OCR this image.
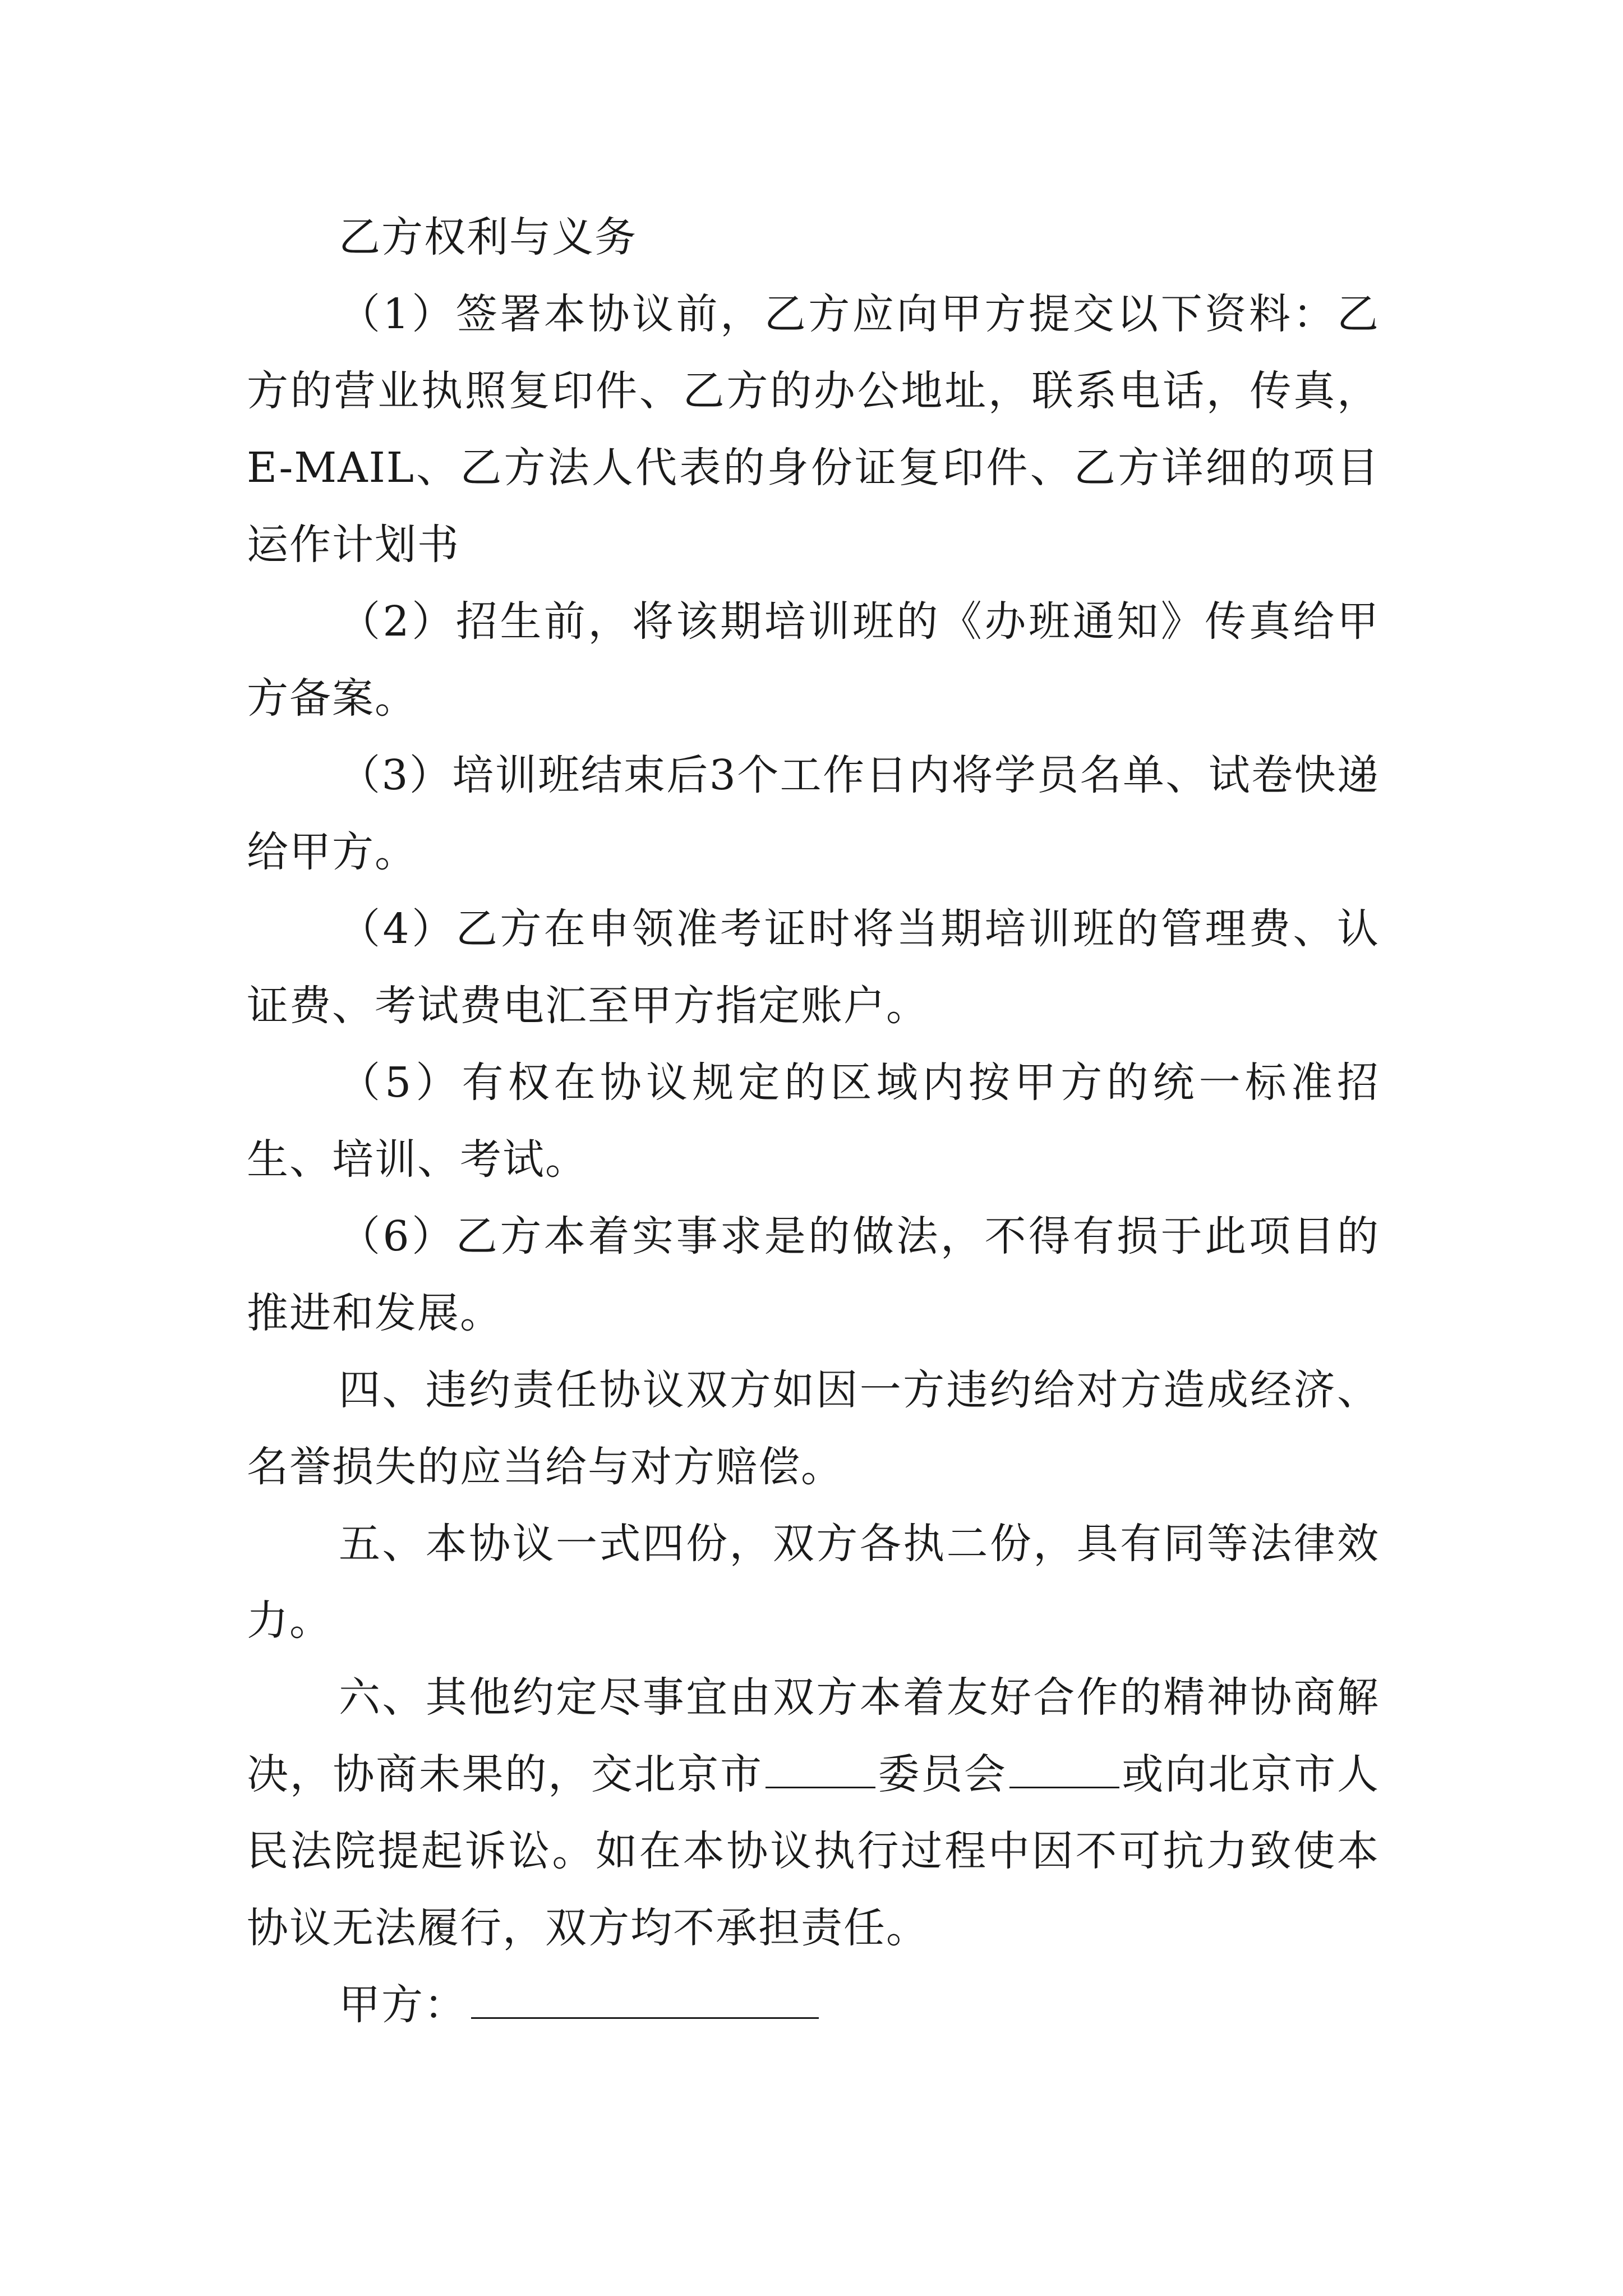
乙方权利与义务

（1）签署本协议前，乙方应向甲方提交以下资料：乙方的营业执照复印件、乙方的办公地址，联系电话，传真，E-MAIL、乙方法人代表的身份证复印件、乙方详细的项目运作计划书

（2）招生前，将该期培训班的《办班通知》传真给甲方备案。

（3）培训班结束后3个工作日内将学员名单、试卷快递给甲方。

（4）乙方在申领准考证时将当期培训班的管理费、认证费、考试费电汇至甲方指定账户。

（5）有权在协议规定的区域内按甲方的统一标准招生、培训、考试。

（6）乙方本着实事求是的做法，不得有损于此项目的推进和发展。

四、违约责任协议双方如因一方违约给对方造成经济、名誉损失的应当给与对方赔偿。

五、本协议一式四份，双方各执二份，具有同等法律效力。

六、其他约定尽事宜由双方本着友好合作的精神协商解决，协商未果的，交北京市	委员会	或向北京市人民法院提起诉讼。如在本协议执行过程中因不可抗力致使本协议无法履行，双方均不承担责任。

甲方：
